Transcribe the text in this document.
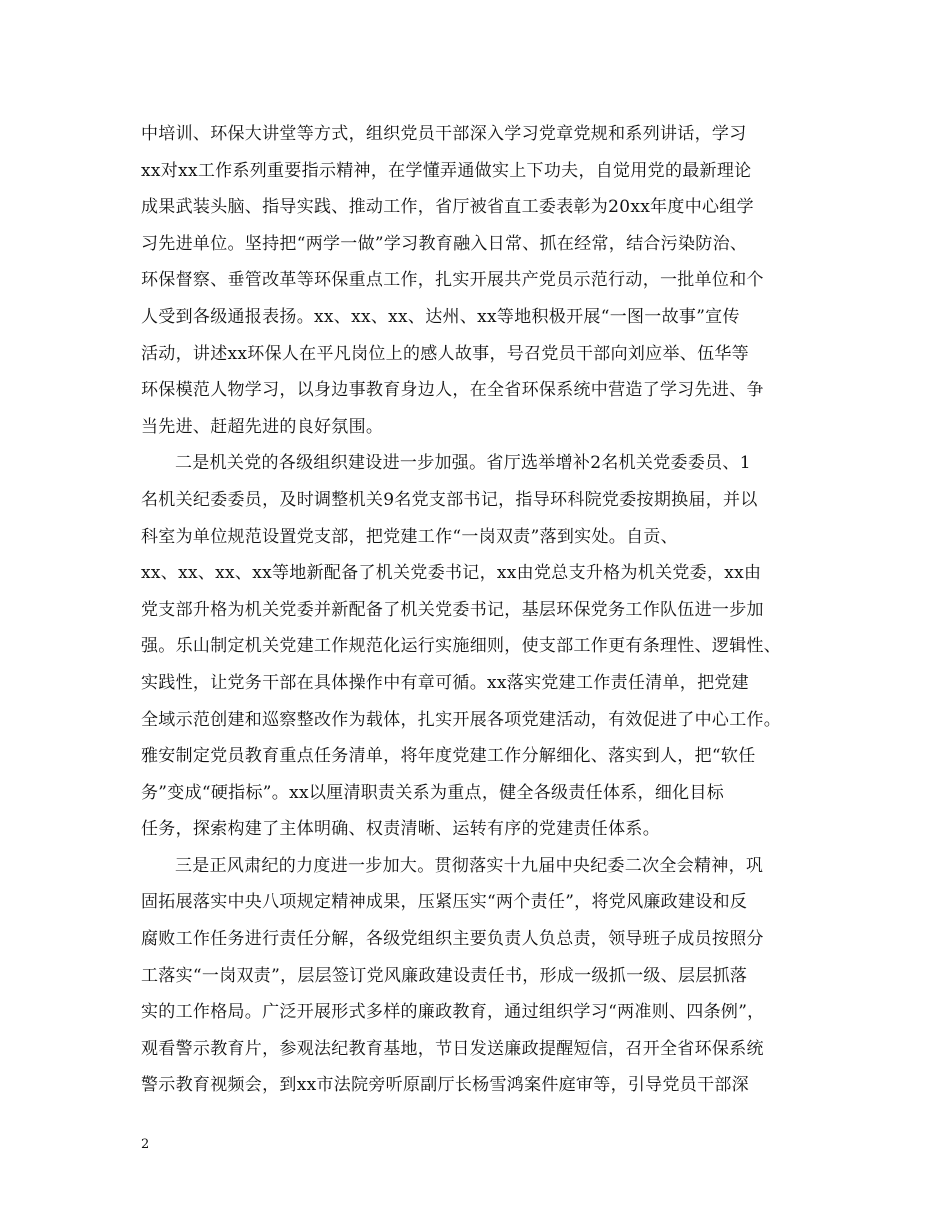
中培训、环保大讲堂等方式，组织党员干部深入学习党章党规和系列讲话，学习
xx对xx工作系列重要指示精神，在学懂弄通做实上下功夫，自觉用党的最新理论
成果武装头脑、指导实践、推动工作，省厅被省直工委表彰为20xx年度中心组学
习先进单位。坚持把“两学一做”学习教育融入日常、抓在经常，结合污染防治、
环保督察、垂管改革等环保重点工作，扎实开展共产党员示范行动，一批单位和个
人受到各级通报表扬。xx、xx、xx、达州、xx等地积极开展“一图一故事”宣传
活动，讲述xx环保人在平凡岗位上的感人故事，号召党员干部向刘应举、伍华等
环保模范人物学习，以身边事教育身边人，在全省环保系统中营造了学习先进、争
当先进、赶超先进的良好氛围。

二是机关党的各级组织建设进一步加强。省厅选举增补2名机关党委委员、1
名机关纪委委员，及时调整机关9名党支部书记，指导环科院党委按期换届，并以
科室为单位规范设置党支部，把党建工作“一岗双责”落到实处。自贡、
xx、xx、xx、xx等地新配备了机关党委书记，xx由党总支升格为机关党委，xx由
党支部升格为机关党委并新配备了机关党委书记，基层环保党务工作队伍进一步加
强。乐山制定机关党建工作规范化运行实施细则，使支部工作更有条理性、逻辑性、
实践性，让党务干部在具体操作中有章可循。xx落实党建工作责任清单，把党建
全域示范创建和巡察整改作为载体，扎实开展各项党建活动，有效促进了中心工作。
雅安制定党员教育重点任务清单，将年度党建工作分解细化、落实到人，把“软任
务”变成“硬指标”。xx以厘清职责关系为重点，健全各级责任体系，细化目标
任务，探索构建了主体明确、权责清晰、运转有序的党建责任体系。

三是正风肃纪的力度进一步加大。贯彻落实十九届中央纪委二次全会精神，巩
固拓展落实中央八项规定精神成果，压紧压实“两个责任”，将党风廉政建设和反
腐败工作任务进行责任分解，各级党组织主要负责人负总责，领导班子成员按照分
工落实“一岗双责”，层层签订党风廉政建设责任书，形成一级抓一级、层层抓落
实的工作格局。广泛开展形式多样的廉政教育，通过组织学习“两准则、四条例”，
观看警示教育片，参观法纪教育基地，节日发送廉政提醒短信，召开全省环保系统
警示教育视频会，到xx市法院旁听原副厅长杨雪鸿案件庭审等，引导党员干部深

2
